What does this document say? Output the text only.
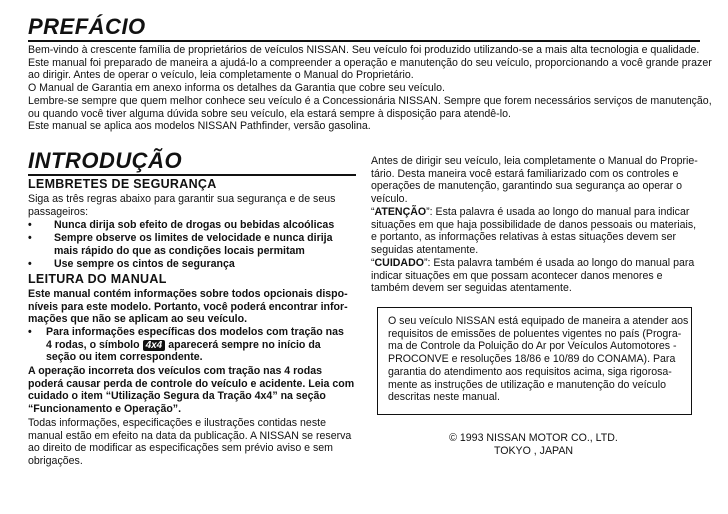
PREFÁCIO
Bem-vindo à crescente família de proprietários de veículos NISSAN. Seu veículo foi produzido utilizando-se a mais alta tecnologia e qualidade.
Este manual foi preparado de maneira a ajudá-lo a compreender a operação e manutenção do seu veículo, proporcionando a você grande prazer
ao dirigir. Antes de operar o veículo, leia completamente o Manual do Proprietário.
O Manual de Garantia em anexo informa os detalhes da Garantia que cobre seu veículo.
Lembre-se sempre que quem melhor conhece seu veículo é a Concessionária NISSAN. Sempre que forem necessários serviços de manutenção,
ou quando você tiver alguma dúvida sobre seu veículo, ela estará sempre à disposição para atendê-lo.
Este manual se aplica aos modelos NISSAN Pathfinder, versão gasolina.
INTRODUÇÃO
LEMBRETES DE SEGURANÇA
Siga as três regras abaixo para garantir sua segurança e de seus
passageiros:
• Nunca dirija sob efeito de drogas ou bebidas alcoólicas
• Sempre observe os limites de velocidade e nunca dirija
mais rápido do que as condições locais permitam
• Use sempre os cintos de segurança
LEITURA DO MANUAL
Este manual contém informações sobre todos opcionais dispo-
níveis para este modelo. Portanto, você poderá encontrar infor-
mações que não se aplicam ao seu veículo.
• Para informações específicas dos modelos com tração nas
4 rodas, o símbolo 4x4 aparecerá sempre no início da
seção ou item correspondente.
A operação incorreta dos veículos com tração nas 4 rodas
poderá causar perda de controle do veículo e acidente. Leia com
cuidado o item “Utilização Segura da Tração 4x4” na seção
“Funcionamento e Operação”.
Todas informações, especificações e ilustrações contidas neste
manual estão em efeito na data da publicação. A NISSAN se reserva
ao direito de modificar as especificações sem prévio aviso e sem
obrigações.
Antes de dirigir seu veículo, leia completamente o Manual do Proprie-
tário. Desta maneira você estará familiarizado com os controles e
operações de manutenção, garantindo sua segurança ao operar o
veículo.
“ATENÇÃO”: Esta palavra é usada ao longo do manual para indicar
situações em que haja possibilidade de danos pessoais ou materiais,
e portanto, as informações relativas à estas situações devem ser
seguidas atentamente.
“CUIDADO”: Esta palavra também é usada ao longo do manual para
indicar situações em que possam acontecer danos menores e
também devem ser seguidas atentamente.
O seu veículo NISSAN está equipado de maneira a atender aos
requisitos de emissões de poluentes vigentes no país (Progra-
ma de Controle da Poluição do Ar por Veículos Automotores -
PROCONVE e resoluções 18/86 e 10/89 do CONAMA). Para
garantia do atendimento aos requisitos acima, siga rigorosa-
mente as instruções de utilização e manutenção do veículo
descritas neste manual.
© 1993 NISSAN MOTOR CO., LTD.
TOKYO , JAPAN
